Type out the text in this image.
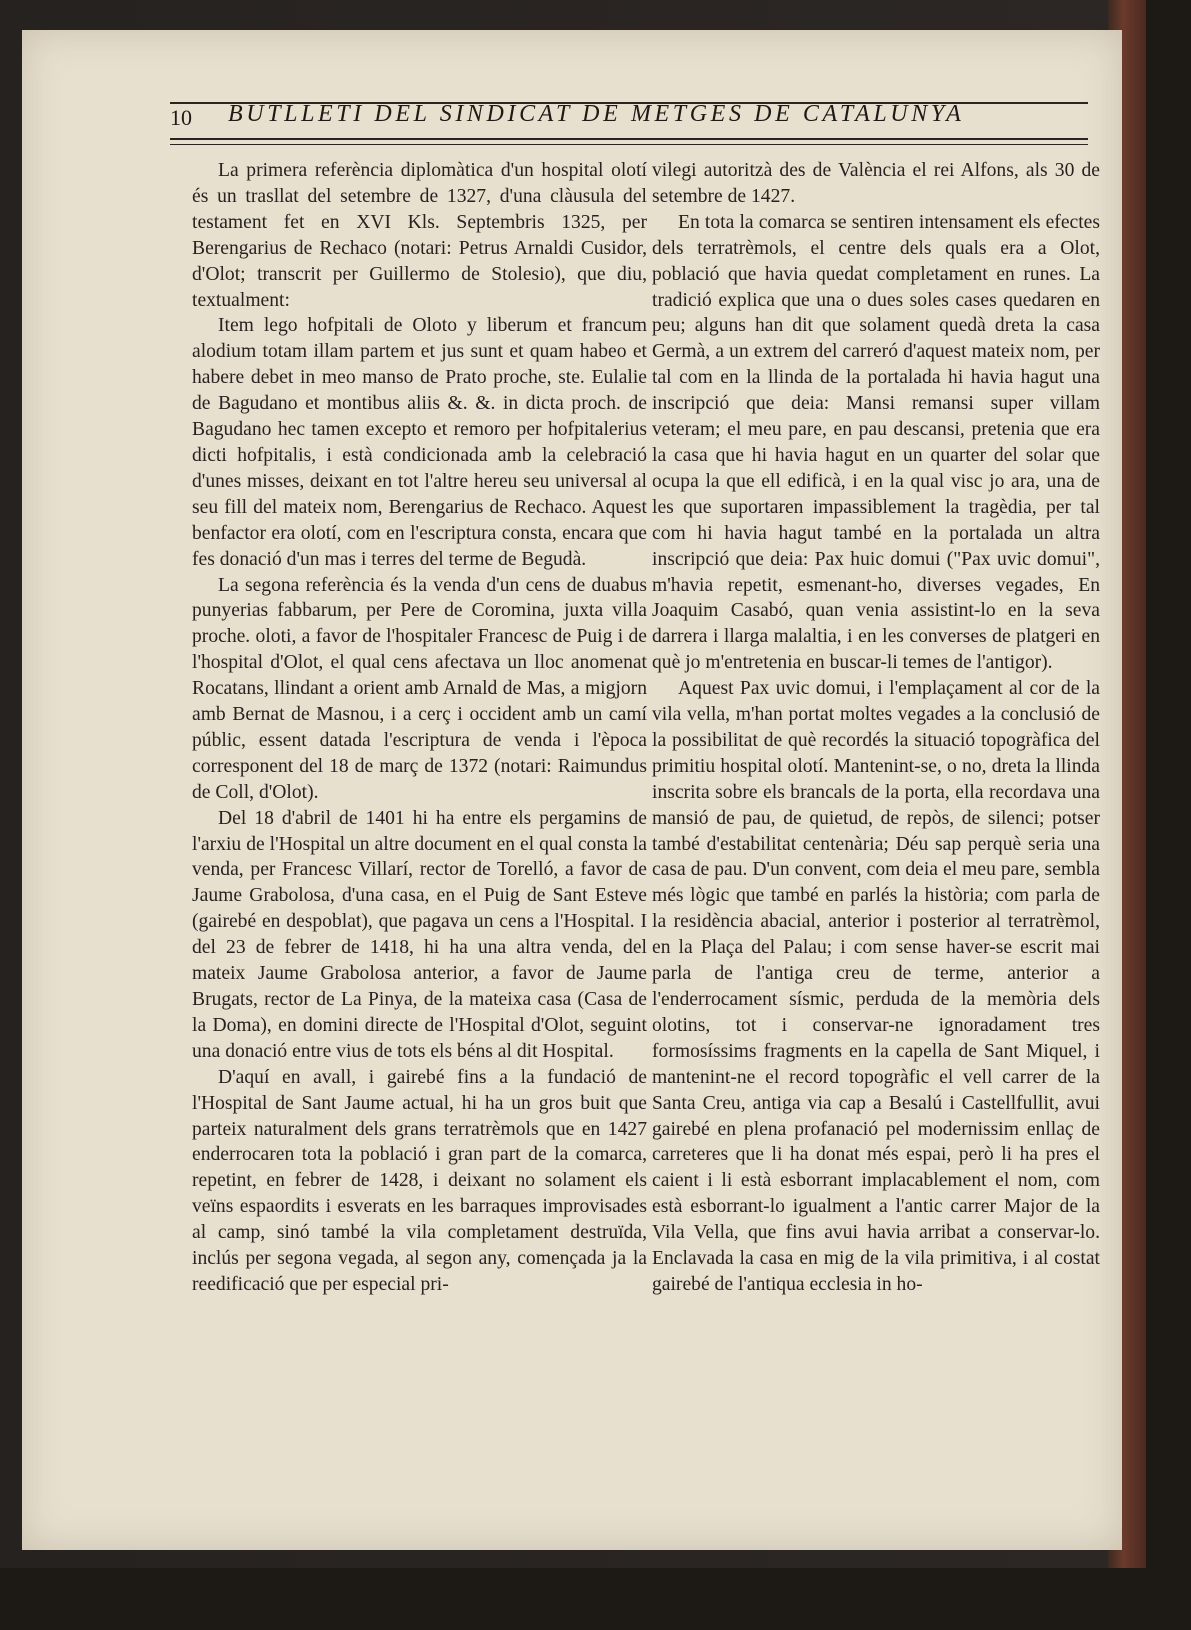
10 BUTLLETI DEL SINDICAT DE METGES DE CATALUNYA

La primera referència diplomàtica d'un hospital olotí és un trasllat del setembre de 1327, d'una clàusula del testament fet en XVI Kls. Septembris 1325, per Berengarius de Rechaco (notari: Petrus Arnaldi Cusidor, d'Olot; transcrit per Guillermo de Stolesio), que diu, textualment:

Item lego hofpitali de Oloto y liberum et francum alodium totam illam partem et jus sunt et quam habeo et habere debet in meo manso de Prato proche, ste. Eulalie de Bagudano et montibus aliis &. &. in dicta proch. de Bagudano hec tamen excepto et remoro per hofpitalerius dicti hofpitalis, i està condicionada amb la celebració d'unes misses, deixant en tot l'altre hereu seu universal al seu fill del mateix nom, Berengarius de Rechaco. Aquest benfactor era olotí, com en l'escriptura consta, encara que fes donació d'un mas i terres del terme de Begudà.

La segona referència és la venda d'un cens de duabus punyerias fabbarum, per Pere de Coromina, juxta villa proche. oloti, a favor de l'hospitaler Francesc de Puig i de l'hospital d'Olot, el qual cens afectava un lloc anomenat Rocatans, llindant a orient amb Arnald de Mas, a migjorn amb Bernat de Masnou, i a cerç i occident amb un camí públic, essent datada l'escriptura de venda i l'època corresponent del 18 de març de 1372 (notari: Raimundus de Coll, d'Olot).

Del 18 d'abril de 1401 hi ha entre els pergamins de l'arxiu de l'Hospital un altre document en el qual consta la venda, per Francesc Villarí, rector de Torelló, a favor de Jaume Grabolosa, d'una casa, en el Puig de Sant Esteve (gairebé en despoblat), que pagava un cens a l'Hospital. I del 23 de febrer de 1418, hi ha una altra venda, del mateix Jaume Grabolosa anterior, a favor de Jaume Brugats, rector de La Pinya, de la mateixa casa (Casa de la Doma), en domini directe de l'Hospital d'Olot, seguint una donació entre vius de tots els béns al dit Hospital.

D'aquí en avall, i gairebé fins a la fundació de l'Hospital de Sant Jaume actual, hi ha un gros buit que parteix naturalment dels grans terratrèmols que en 1427 enderrocaren tota la població i gran part de la comarca, repetint, en febrer de 1428, i deixant no solament els veïns espaordits i esverats en les barraques improvisades al camp, sinó també la vila completament destruïda, inclús per segona vegada, al segon any, començada ja la reedificació que per especial pri-

vilegi autoritzà des de València el rei Alfons, als 30 de setembre de 1427.

En tota la comarca se sentiren intensament els efectes dels terratrèmols, el centre dels quals era a Olot, població que havia quedat completament en runes. La tradició explica que una o dues soles cases quedaren en peu; alguns han dit que solament quedà dreta la casa Germà, a un extrem del carreró d'aquest mateix nom, per tal com en la llinda de la portalada hi havia hagut una inscripció que deia: Mansi remansi super villam veteram; el meu pare, en pau descansi, pretenia que era la casa que hi havia hagut en un quarter del solar que ocupa la que ell edificà, i en la qual visc jo ara, una de les que suportaren impassiblement la tragèdia, per tal com hi havia hagut també en la portalada un altra inscripció que deia: Pax huic domui ("Pax uvic domui", m'havia repetit, esmenant-ho, diverses vegades, En Joaquim Casabó, quan venia assistint-lo en la seva darrera i llarga malaltia, i en les converses de platgeri en què jo m'entretenia en buscar-li temes de l'antigor).

Aquest Pax uvic domui, i l'emplaçament al cor de la vila vella, m'han portat moltes vegades a la conclusió de la possibilitat de què recordés la situació topogràfica del primitiu hospital olotí. Mantenint-se, o no, dreta la llinda inscrita sobre els brancals de la porta, ella recordava una mansió de pau, de quietud, de repòs, de silenci; potser també d'estabilitat centenària; Déu sap perquè seria una casa de pau. D'un convent, com deia el meu pare, sembla més lògic que també en parlés la història; com parla de la residència abacial, anterior i posterior al terratrèmol, en la Plaça del Palau; i com sense haver-se escrit mai parla de l'antiga creu de terme, anterior a l'enderrocament sísmic, perduda de la memòria dels olotins, tot i conservar-ne ignoradament tres formosíssims fragments en la capella de Sant Miquel, i mantenint-ne el record topogràfic el vell carrer de la Santa Creu, antiga via cap a Besalú i Castellfullit, avui gairebé en plena profanació pel modernissim enllaç de carreteres que li ha donat més espai, però li ha pres el caient i li està esborrant implacablement el nom, com està esborrant-lo igualment a l'antic carrer Major de la Vila Vella, que fins avui havia arribat a conservar-lo. Enclavada la casa en mig de la vila primitiva, i al costat gairebé de l'antiqua ecclesia in ho-
